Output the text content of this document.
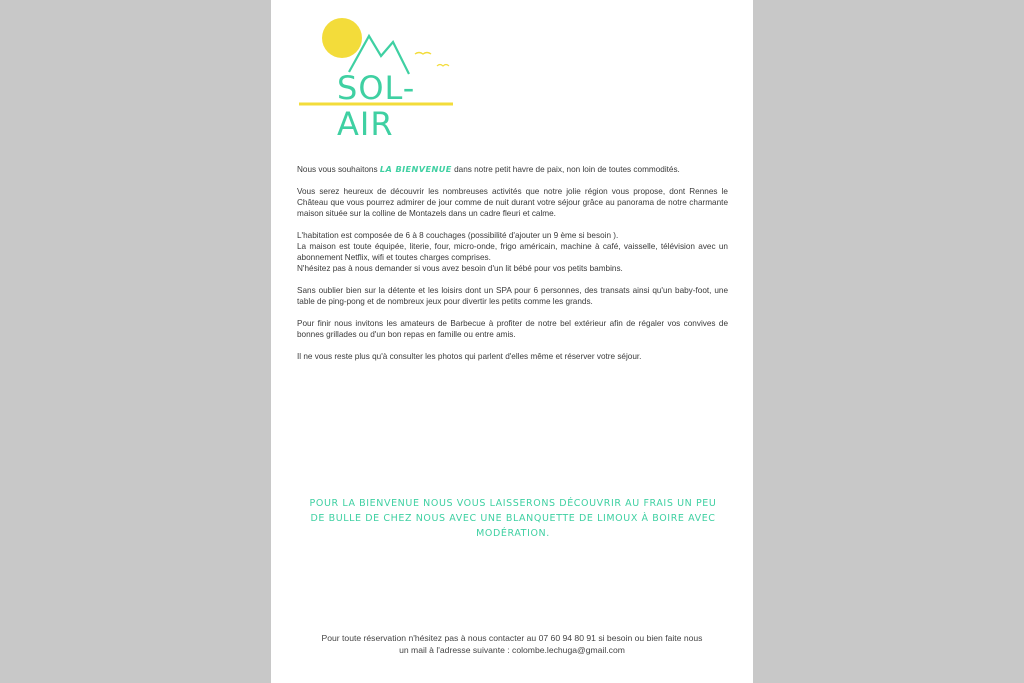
SOL-AIR

Nous vous souhaitons LA BIENVENUE dans notre petit havre de paix, non loin de toutes commodités.

Vous serez heureux de découvrir les nombreuses activités que notre jolie région vous propose, dont Rennes le Château que vous pourrez admirer de jour comme de nuit durant votre séjour grâce au panorama de notre charmante maison située sur la colline de Montazels dans un cadre fleuri et calme.

L'habitation est composée de 6 à 8 couchages (possibilité d'ajouter un 9 ème si besoin ).

La maison est toute équipée, literie, four, micro-onde, frigo américain, machine à café, vaisselle, télévision avec un abonnement Netflix, wifi et toutes charges comprises.

N'hésitez pas à nous demander si vous avez besoin d'un lit bébé pour vos petits bambins.

Sans oublier bien sur la détente et les loisirs dont un SPA pour 6 personnes, des transats ainsi qu'un baby-foot, une table de ping-pong et de nombreux jeux pour divertir les petits comme les grands.

Pour finir nous invitons les amateurs de Barbecue à profiter de notre bel extérieur afin de régaler vos convives de bonnes grillades ou d'un bon repas en famille ou entre amis.

Il ne vous reste plus qu'à consulter les photos qui parlent d'elles même et réserver votre séjour.

POUR LA BIENVENUE NOUS VOUS LAISSERONS DÉCOUVRIR AU FRAIS UN PEU DE BULLE DE CHEZ NOUS AVEC UNE BLANQUETTE DE LIMOUX À BOIRE AVEC MODÉRATION.
Pour toute réservation n'hésitez pas à nous contacter au 07 60 94 80 91 si besoin ou bien faite nous
un mail à l'adresse suivante : colombe.lechuga@gmail.com
